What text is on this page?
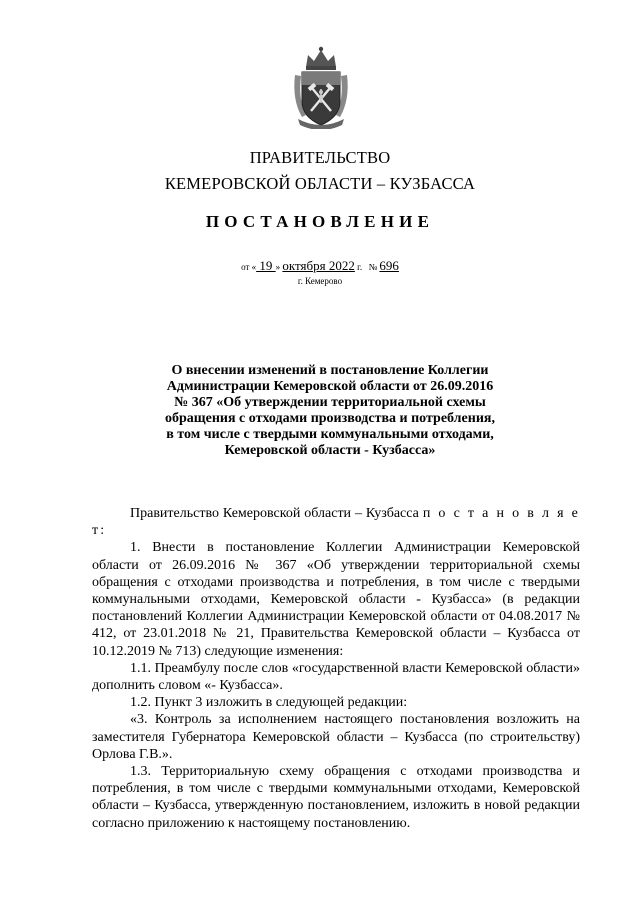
ПРАВИТЕЛЬСТВО
КЕМЕРОВСКОЙ ОБЛАСТИ – КУЗБАССА
ПОСТАНОВЛЕНИЕ
от « 19 » октября 2022 г. № 696
г. Кемерово
О внесении изменений в постановление Коллегии
Администрации Кемеровской области от 26.09.2016
№ 367 «Об утверждении территориальной схемы
обращения с отходами производства и потребления,
в том числе с твердыми коммунальными отходами,
Кемеровской области - Кузбасса»

Правительство Кемеровской области – Кузбасса п о с т а н о в л я е т:

1. Внести в постановление Коллегии Администрации Кемеровской области от 26.09.2016 № 367 «Об утверждении территориальной схемы обращения с отходами производства и потребления, в том числе с твердыми коммунальными отходами, Кемеровской области - Кузбасса» (в редакции постановлений Коллегии Администрации Кемеровской области от 04.08.2017 № 412, от 23.01.2018 № 21, Правительства Кемеровской области – Кузбасса от 10.12.2019 № 713) следующие изменения:

1.1. Преамбулу после слов «государственной власти Кемеровской области» дополнить словом «- Кузбасса».

1.2. Пункт 3 изложить в следующей редакции:

«3. Контроль за исполнением настоящего постановления возложить на заместителя Губернатора Кемеровской области – Кузбасса (по строительству) Орлова Г.В.».

1.3. Территориальную схему обращения с отходами производства и потребления, в том числе с твердыми коммунальными отходами, Кемеровской области – Кузбасса, утвержденную постановлением, изложить в новой редакции согласно приложению к настоящему постановлению.
